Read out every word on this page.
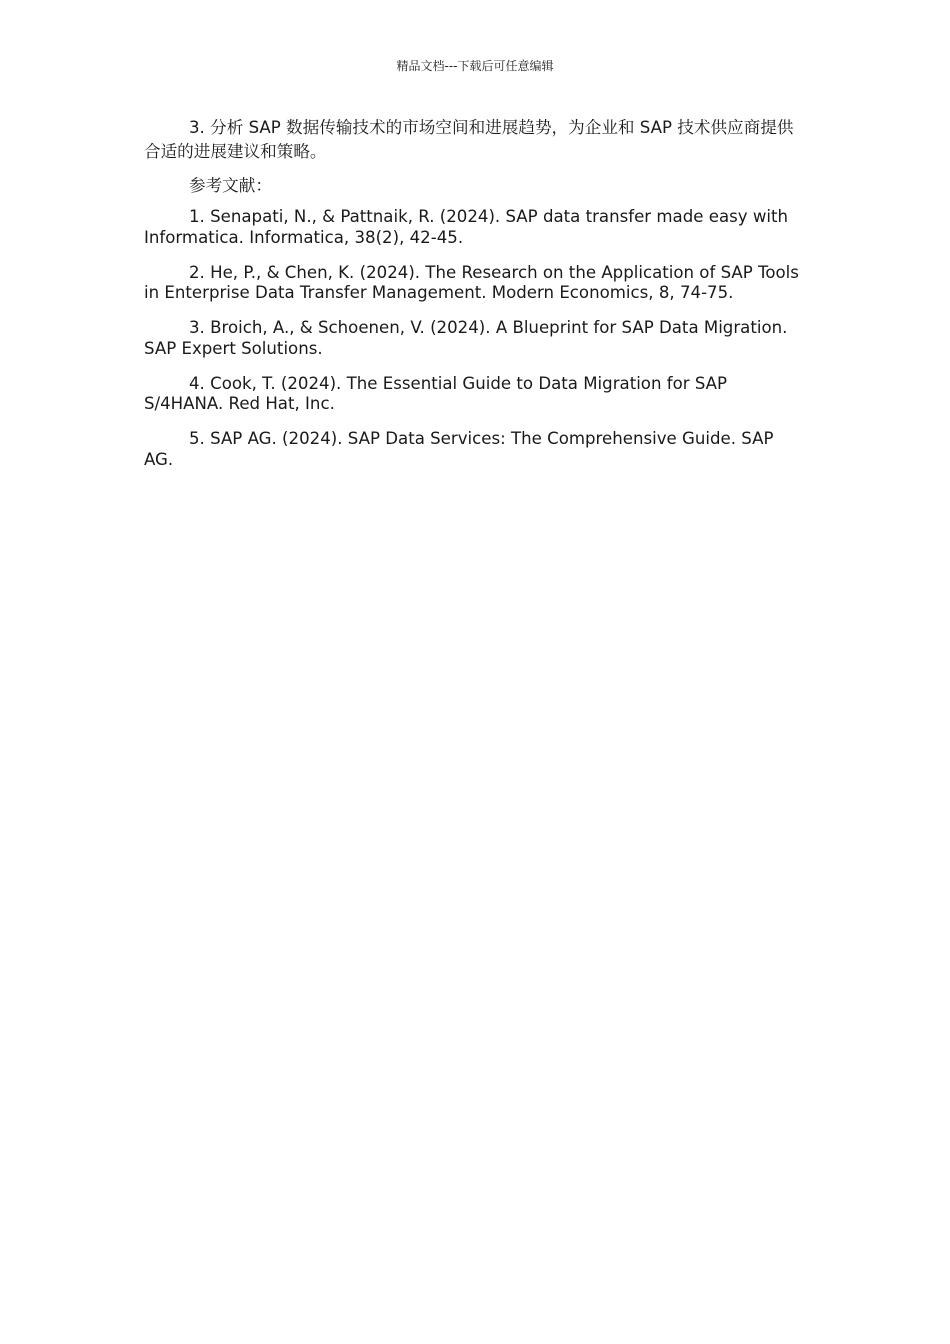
精品文档---下载后可任意编辑

3. 分析 SAP 数据传输技术的市场空间和进展趋势，为企业和 SAP 技术供应商提供合适的进展建议和策略。

参考文献：

1. Senapati, N., & Pattnaik, R. (2024). SAP data transfer made easy with Informatica. Informatica, 38(2), 42-45.

2. He, P., & Chen, K. (2024). The Research on the Application of SAP Tools in Enterprise Data Transfer Management. Modern Economics, 8, 74-75.

3. Broich, A., & Schoenen, V. (2024). A Blueprint for SAP Data Migration. SAP Expert Solutions.

4. Cook, T. (2024). The Essential Guide to Data Migration for SAP S/4HANA. Red Hat, Inc.

5. SAP AG. (2024). SAP Data Services: The Comprehensive Guide. SAP AG.
